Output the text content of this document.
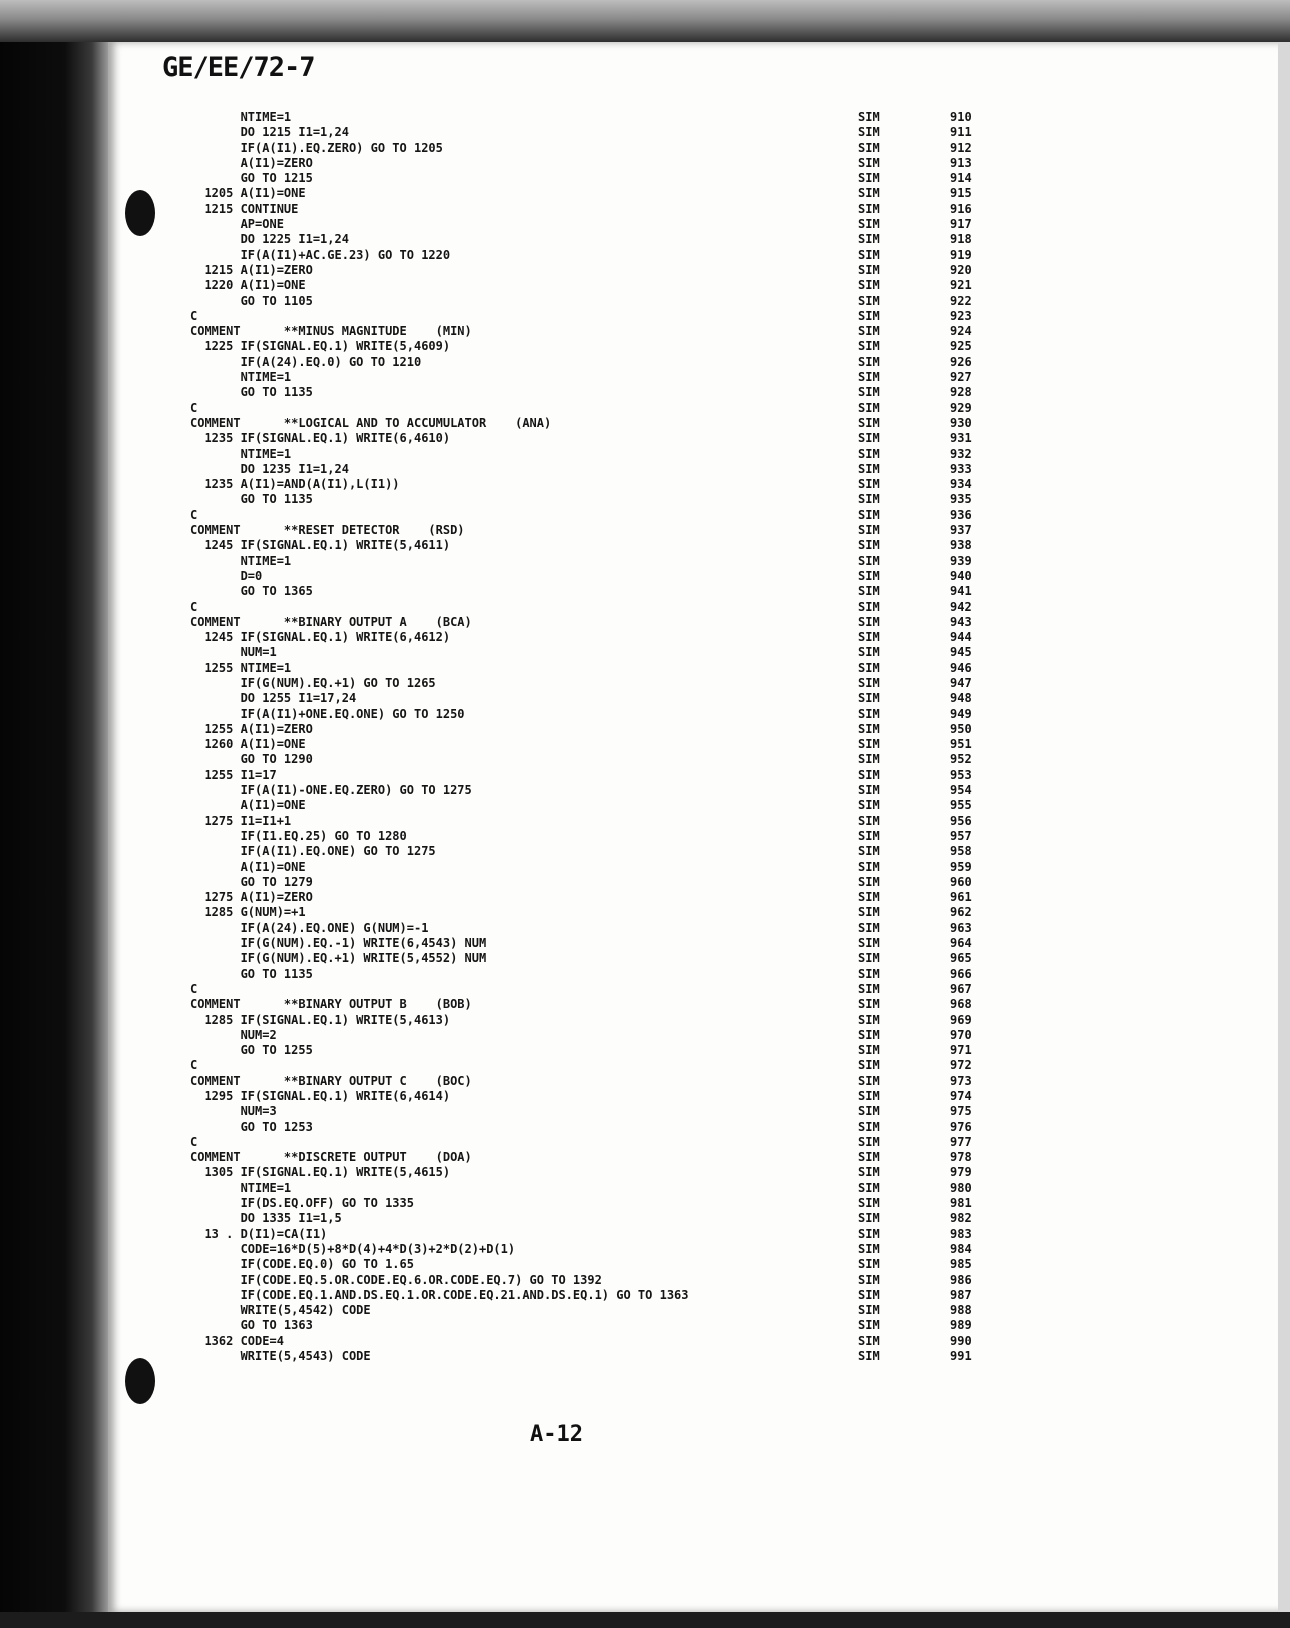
GE/EE/72-7
NTIME=1
DO 1215 I1=1,24
IF(A(I1).EQ.ZERO) GO TO 1205
A(I1)=ZERO
GO TO 1215
1205 A(I1)=ONE
1215 CONTINUE
AP=ONE
DO 1225 I1=1,24
IF(A(I1)+AC.GE.23) GO TO 1220
1215 A(I1)=ZERO
1220 A(I1)=ONE
GO TO 1105
C
COMMENT      **MINUS MAGNITUDE    (MIN)
1225 IF(SIGNAL.EQ.1) WRITE(5,4609)
IF(A(24).EQ.0) GO TO 1210
NTIME=1
GO TO 1135
C
COMMENT      **LOGICAL AND TO ACCUMULATOR    (ANA)
1235 IF(SIGNAL.EQ.1) WRITE(6,4610)
NTIME=1
DO 1235 I1=1,24
1235 A(I1)=AND(A(I1),L(I1))
GO TO 1135
C
COMMENT      **RESET DETECTOR    (RSD)
1245 IF(SIGNAL.EQ.1) WRITE(5,4611)
NTIME=1
D=0
GO TO 1365
C
COMMENT      **BINARY OUTPUT A    (BCA)
1245 IF(SIGNAL.EQ.1) WRITE(6,4612)
NUM=1
1255 NTIME=1
IF(G(NUM).EQ.+1) GO TO 1265
DO 1255 I1=17,24
IF(A(I1)+ONE.EQ.ONE) GO TO 1250
1255 A(I1)=ZERO
1260 A(I1)=ONE
GO TO 1290
1255 I1=17
IF(A(I1)-ONE.EQ.ZERO) GO TO 1275
A(I1)=ONE
1275 I1=I1+1
IF(I1.EQ.25) GO TO 1280
IF(A(I1).EQ.ONE) GO TO 1275
A(I1)=ONE
GO TO 1279
1275 A(I1)=ZERO
1285 G(NUM)=+1
IF(A(24).EQ.ONE) G(NUM)=-1
IF(G(NUM).EQ.-1) WRITE(6,4543) NUM
IF(G(NUM).EQ.+1) WRITE(5,4552) NUM
GO TO 1135
C
COMMENT      **BINARY OUTPUT B    (BOB)
1285 IF(SIGNAL.EQ.1) WRITE(5,4613)
NUM=2
GO TO 1255
C
COMMENT      **BINARY OUTPUT C    (BOC)
1295 IF(SIGNAL.EQ.1) WRITE(6,4614)
NUM=3
GO TO 1253
C
COMMENT      **DISCRETE OUTPUT    (DOA)
1305 IF(SIGNAL.EQ.1) WRITE(5,4615)
NTIME=1
IF(DS.EQ.OFF) GO TO 1335
DO 1335 I1=1,5
13 . D(I1)=CA(I1)
CODE=16*D(5)+8*D(4)+4*D(3)+2*D(2)+D(1)
IF(CODE.EQ.0) GO TO 1.65
IF(CODE.EQ.5.OR.CODE.EQ.6.OR.CODE.EQ.7) GO TO 1392
IF(CODE.EQ.1.AND.DS.EQ.1.OR.CODE.EQ.21.AND.DS.EQ.1) GO TO 1363
WRITE(5,4542) CODE
GO TO 1363
1362 CODE=4
WRITE(5,4543) CODE
SIM
SIM
SIM
SIM
SIM
SIM
SIM
SIM
SIM
SIM
SIM
SIM
SIM
SIM
SIM
SIM
SIM
SIM
SIM
SIM
SIM
SIM
SIM
SIM
SIM
SIM
SIM
SIM
SIM
SIM
SIM
SIM
SIM
SIM
SIM
SIM
SIM
SIM
SIM
SIM
SIM
SIM
SIM
SIM
SIM
SIM
SIM
SIM
SIM
SIM
SIM
SIM
SIM
SIM
SIM
SIM
SIM
SIM
SIM
SIM
SIM
SIM
SIM
SIM
SIM
SIM
SIM
SIM
SIM
SIM
SIM
SIM
SIM
SIM
SIM
SIM
SIM
SIM
SIM
SIM
SIM
SIM
910
911
912
913
914
915
916
917
918
919
920
921
922
923
924
925
926
927
928
929
930
931
932
933
934
935
936
937
938
939
940
941
942
943
944
945
946
947
948
949
950
951
952
953
954
955
956
957
958
959
960
961
962
963
964
965
966
967
968
969
970
971
972
973
974
975
976
977
978
979
980
981
982
983
984
985
986
987
988
989
990
991
A-12
